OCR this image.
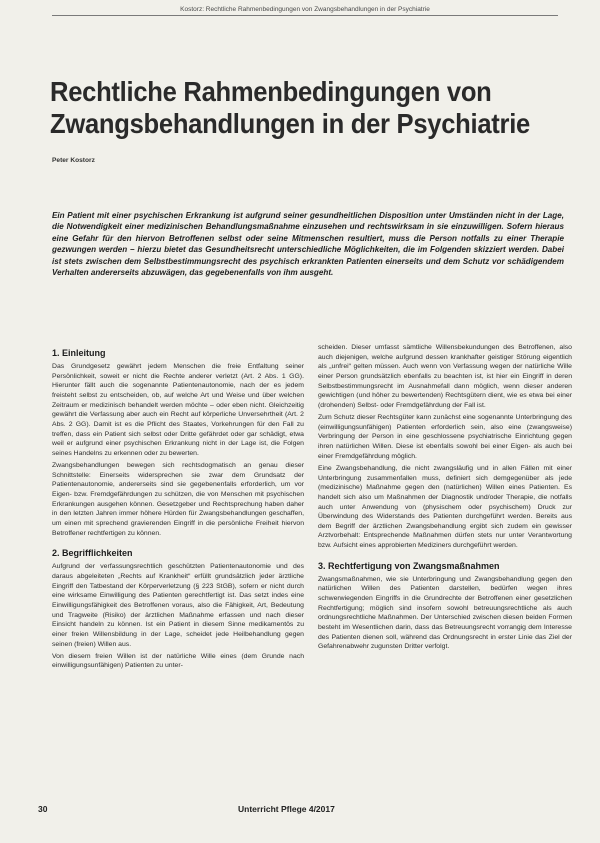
Kostorz: Rechtliche Rahmenbedingungen von Zwangsbehandlungen in der Psychiatrie
Rechtliche Rahmenbedingungen von Zwangsbehandlungen in der Psychiatrie
Peter Kostorz
Ein Patient mit einer psychischen Erkrankung ist aufgrund seiner gesundheitlichen Disposition unter Umständen nicht in der Lage, die Notwendigkeit einer medizinischen Behandlungsmaßnahme einzusehen und rechtswirksam in sie einzuwilligen. Sofern hieraus eine Gefahr für den hiervon Betroffenen selbst oder seine Mitmenschen resultiert, muss die Person notfalls zu einer Therapie gezwungen werden – hierzu bietet das Gesundheitsrecht unterschiedliche Möglichkeiten, die im Folgenden skizziert werden. Dabei ist stets zwischen dem Selbstbestimmungsrecht des psychisch erkrankten Patienten einerseits und dem Schutz vor schädigendem Verhalten andererseits abzuwägen, das gegebenenfalls von ihm ausgeht.
1. Einleitung

Das Grundgesetz gewährt jedem Menschen die freie Entfaltung seiner Persönlichkeit, soweit er nicht die Rechte anderer verletzt (Art. 2 Abs. 1 GG). Hierunter fällt auch die sogenannte Patientenautonomie, nach der es jedem freisteht selbst zu entscheiden, ob, auf welche Art und Weise und über welchen Zeitraum er medizinisch behandelt werden möchte – oder eben nicht. Gleichzeitig gewährt die Verfassung aber auch ein Recht auf körperliche Unversehrtheit (Art. 2 Abs. 2 GG). Damit ist es die Pflicht des Staates, Vorkehrungen für den Fall zu treffen, dass ein Patient sich selbst oder Dritte gefährdet oder gar schädigt, etwa weil er aufgrund einer psychischen Erkrankung nicht in der Lage ist, die Folgen seines Handelns zu erkennen oder zu bewerten.

Zwangsbehandlungen bewegen sich rechtsdogmatisch an genau dieser Schnittstelle: Einerseits widersprechen sie zwar dem Grundsatz der Patientenautonomie, andererseits sind sie gegebenenfalls erforderlich, um vor Eigen- bzw. Fremdgefährdungen zu schützen, die von Menschen mit psychischen Erkrankungen ausgehen können. Gesetzgeber und Rechtsprechung haben daher in den letzten Jahren immer höhere Hürden für Zwangsbehandlungen geschaffen, um einen mit sprechend gravierenden Eingriff in die persönliche Freiheit hiervon Betroffener rechtfertigen zu können.

2. Begrifflichkeiten

Aufgrund der verfassungsrechtlich geschützten Patientenautonomie und des daraus abgeleiteten „Rechts auf Krankheit“ erfüllt grundsätzlich jeder ärztliche Eingriff den Tatbestand der Körperverletzung (§ 223 StGB), sofern er nicht durch eine wirksame Einwilligung des Patienten gerechtfertigt ist. Das setzt indes eine Einwilligungsfähigkeit des Betroffenen voraus, also die Fähigkeit, Art, Bedeutung und Tragweite (Risiko) der ärztlichen Maßnahme erfassen und nach dieser Einsicht handeln zu können. Ist ein Patient in diesem Sinne medikamentös zu einer freien Willensbildung in der Lage, scheidet jede Heilbehandlung gegen seinen (freien) Willen aus.

Von diesem freien Willen ist der natürliche Wille eines (dem Grunde nach einwilligungsunfähigen) Patienten zu unter-

scheiden. Dieser umfasst sämtliche Willensbekundungen des Betroffenen, also auch diejenigen, welche aufgrund dessen krankhafter geistiger Störung eigentlich als „unfrei“ gelten müssen. Auch wenn von Verfassung wegen der natürliche Wille einer Person grundsätzlich ebenfalls zu beachten ist, ist hier ein Eingriff in deren Selbstbestimmungsrecht im Ausnahmefall dann möglich, wenn dieser anderen gewichtigen (und höher zu bewertenden) Rechtsgütern dient, wie es etwa bei einer (drohenden) Selbst- oder Fremdgefährdung der Fall ist.

Zum Schutz dieser Rechtsgüter kann zunächst eine sogenannte Unterbringung des (einwilligungsunfähigen) Patienten erforderlich sein, also eine (zwangsweise) Verbringung der Person in eine geschlossene psychiatrische Einrichtung gegen ihren natürlichen Willen. Diese ist ebenfalls sowohl bei einer Eigen- als auch bei einer Fremdgefährdung möglich.

Eine Zwangsbehandlung, die nicht zwangsläufig und in allen Fällen mit einer Unterbringung zusammenfallen muss, definiert sich demgegenüber als jede (medizinische) Maßnahme gegen den (natürlichen) Willen eines Patienten. Es handelt sich also um Maßnahmen der Diagnostik und/oder Therapie, die notfalls auch unter Anwendung von (physischem oder psychischem) Druck zur Überwindung des Widerstands des Patienten durchgeführt werden. Bereits aus dem Begriff der ärztlichen Zwangsbehandlung ergibt sich zudem ein gewisser Arztvorbehalt: Entsprechende Maßnahmen dürfen stets nur unter Verantwortung bzw. Aufsicht eines approbierten Mediziners durchgeführt werden.

3. Rechtfertigung von Zwangsmaßnahmen

Zwangsmaßnahmen, wie sie Unterbringung und Zwangsbehandlung gegen den natürlichen Willen des Patienten darstellen, bedürfen wegen ihres schwerwiegenden Eingriffs in die Grundrechte der Betroffenen einer gesetzlichen Rechtfertigung; möglich sind insofern sowohl betreuungsrechtliche als auch ordnungsrechtliche Maßnahmen. Der Unterschied zwischen diesen beiden Formen besteht im Wesentlichen darin, dass das Betreuungsrecht vorrangig dem Interesse des Patienten dienen soll, während das Ordnungsrecht in erster Linie das Ziel der Gefahrenabwehr zugunsten Dritter verfolgt.

30	Unterricht Pflege 4/2017
